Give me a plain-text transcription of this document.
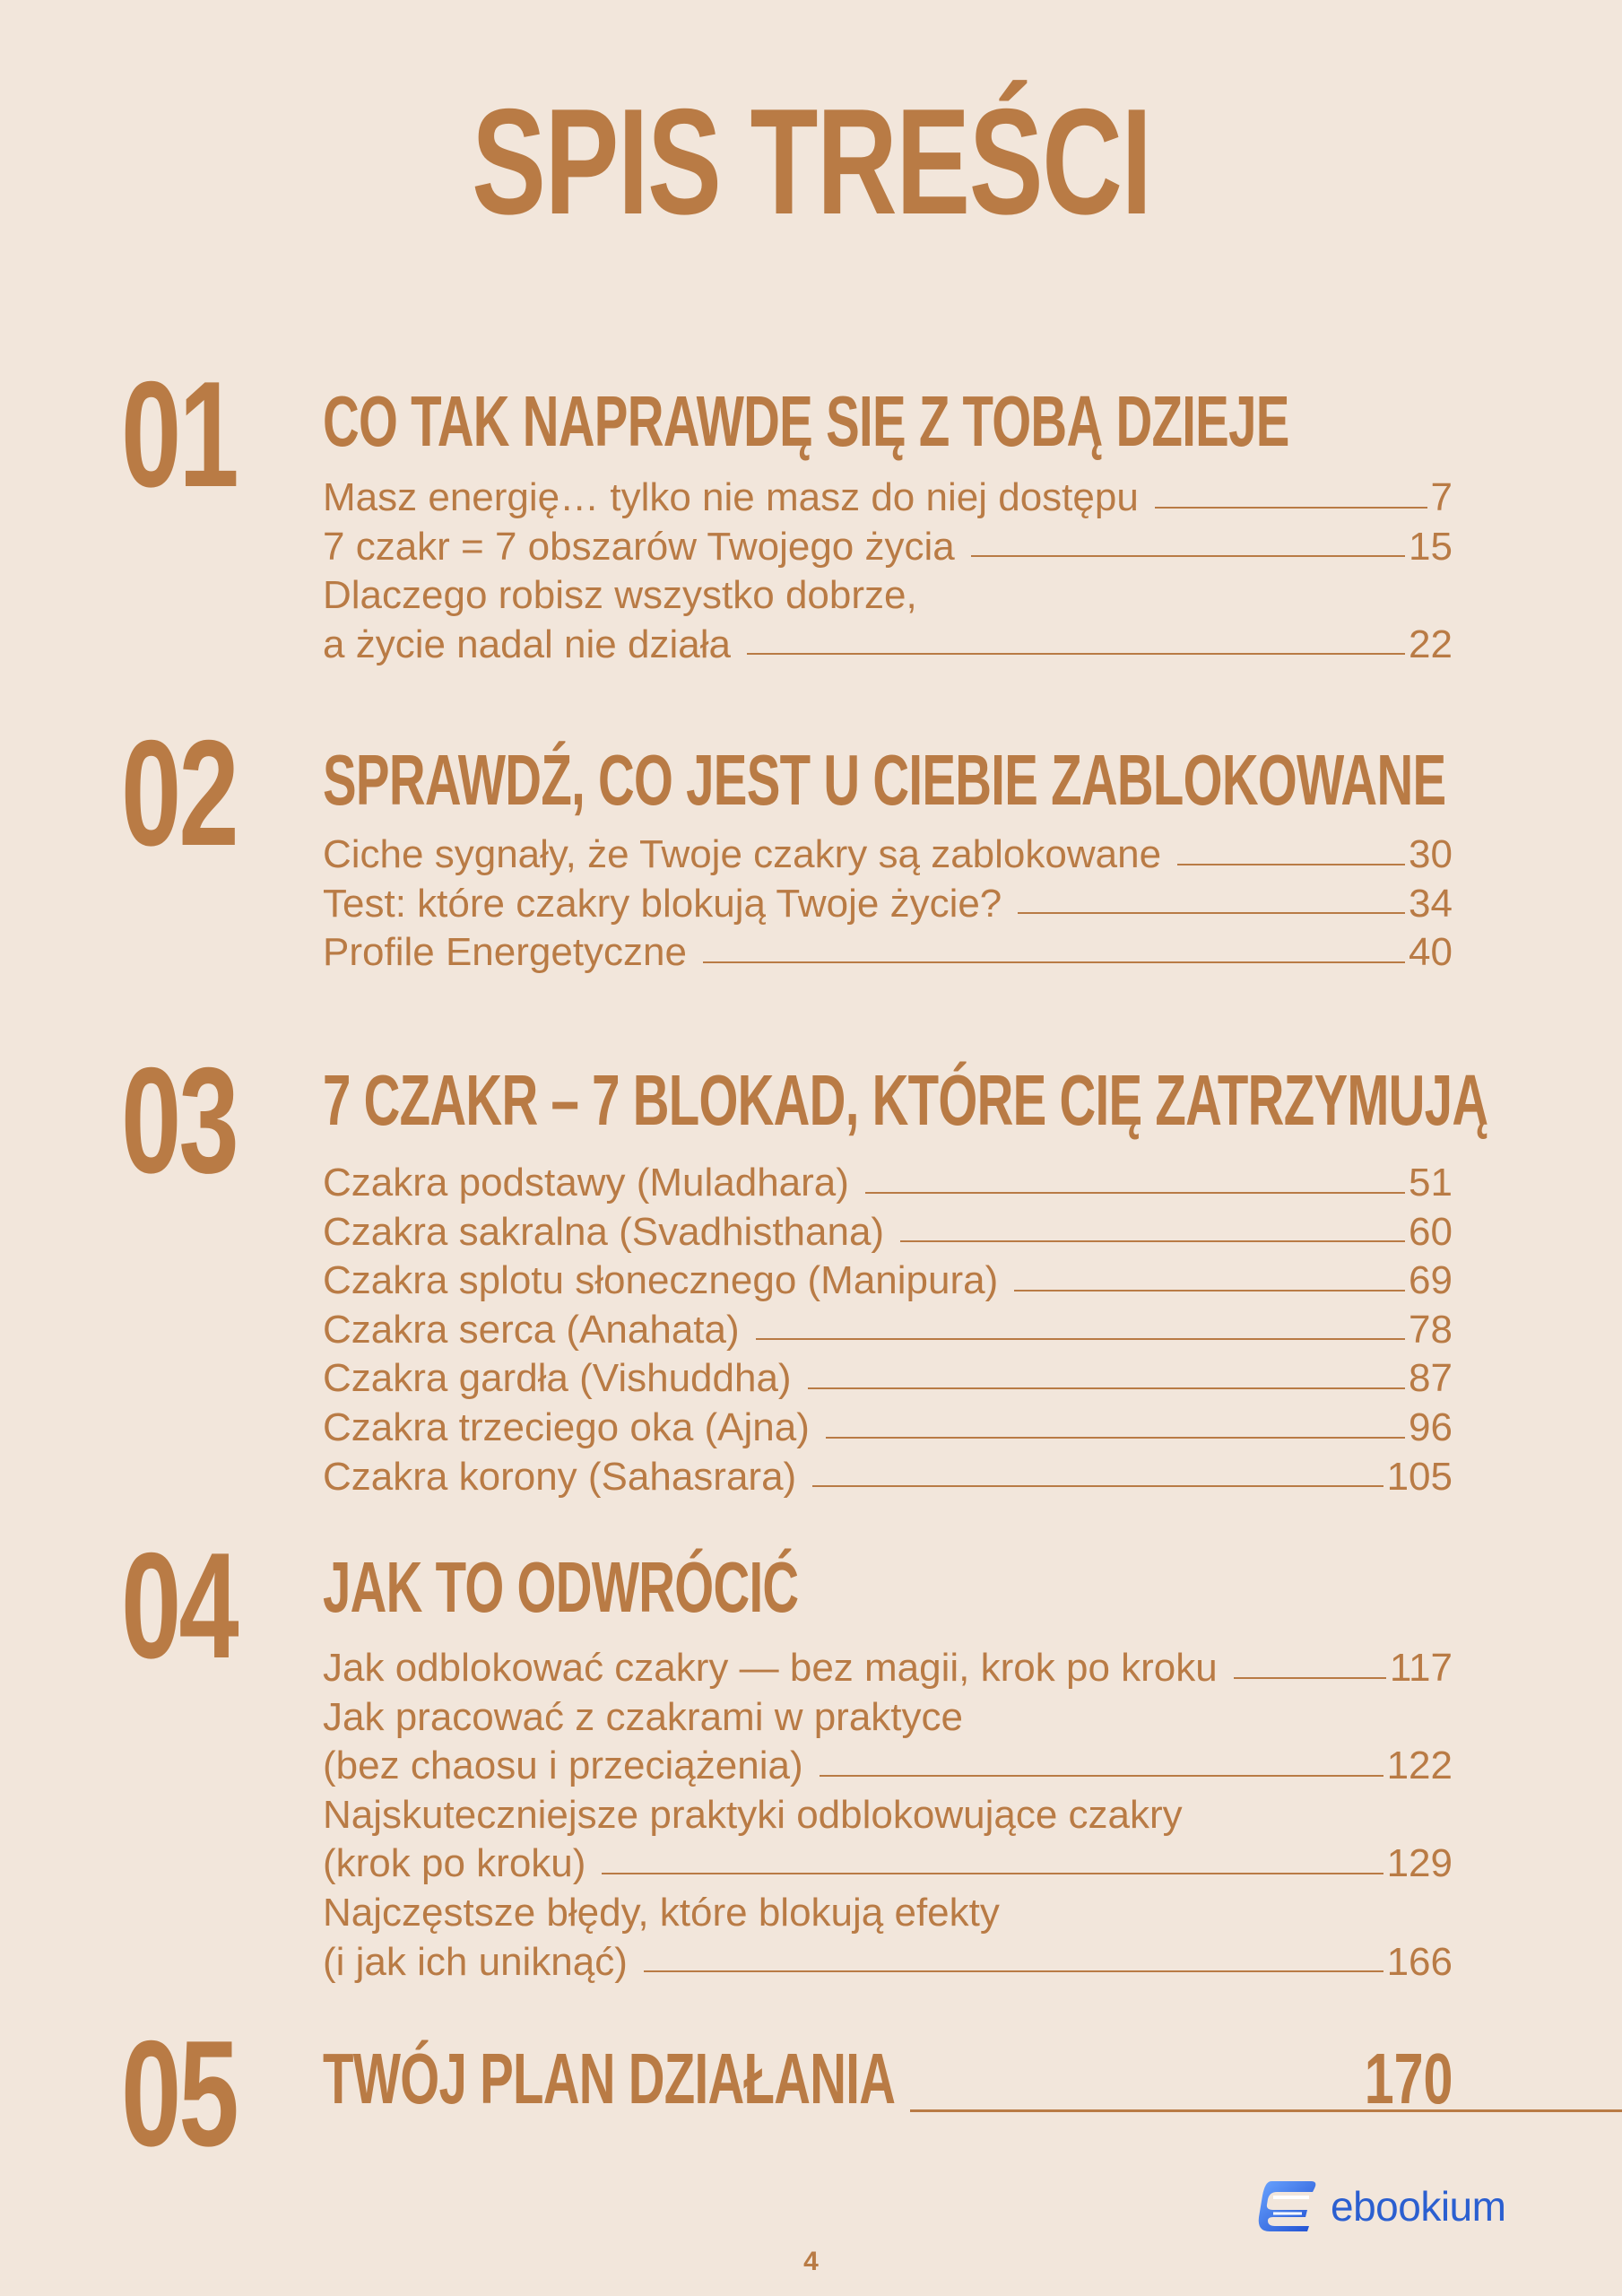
SPIS TREŚCI
01 CO TAK NAPRAWDĘ SIĘ Z TOBĄ DZIEJE
Masz energię… tylko nie masz do niej dostępu	7
7 czakr = 7 obszarów Twojego życia	15
Dlaczego robisz wszystko dobrze,
a życie nadal nie działa	22
02 SPRAWDŹ, CO JEST U CIEBIE ZABLOKOWANE
Ciche sygnały, że Twoje czakry są zablokowane	30
Test: które czakry blokują Twoje życie?	34
Profile Energetyczne	40
03 7 CZAKR – 7 BLOKAD, KTÓRE CIĘ ZATRZYMUJĄ
Czakra podstawy (Muladhara)	51
Czakra sakralna (Svadhisthana)	60
Czakra splotu słonecznego (Manipura)	69
Czakra serca (Anahata)	78
Czakra gardła (Vishuddha)	87
Czakra trzeciego oka (Ajna)	96
Czakra korony (Sahasrara)	105
04 JAK TO ODWRÓCIĆ
Jak odblokować czakry — bez magii, krok po kroku	117
Jak pracować z czakrami w praktyce
(bez chaosu i przeciążenia)	122
Najskuteczniejsze praktyki odblokowujące czakry
(krok po kroku)	129
Najczęstsze błędy, które blokują efekty
(i jak ich uniknąć)	166
05 TWÓJ PLAN DZIAŁANIA	170
ebookium
4
